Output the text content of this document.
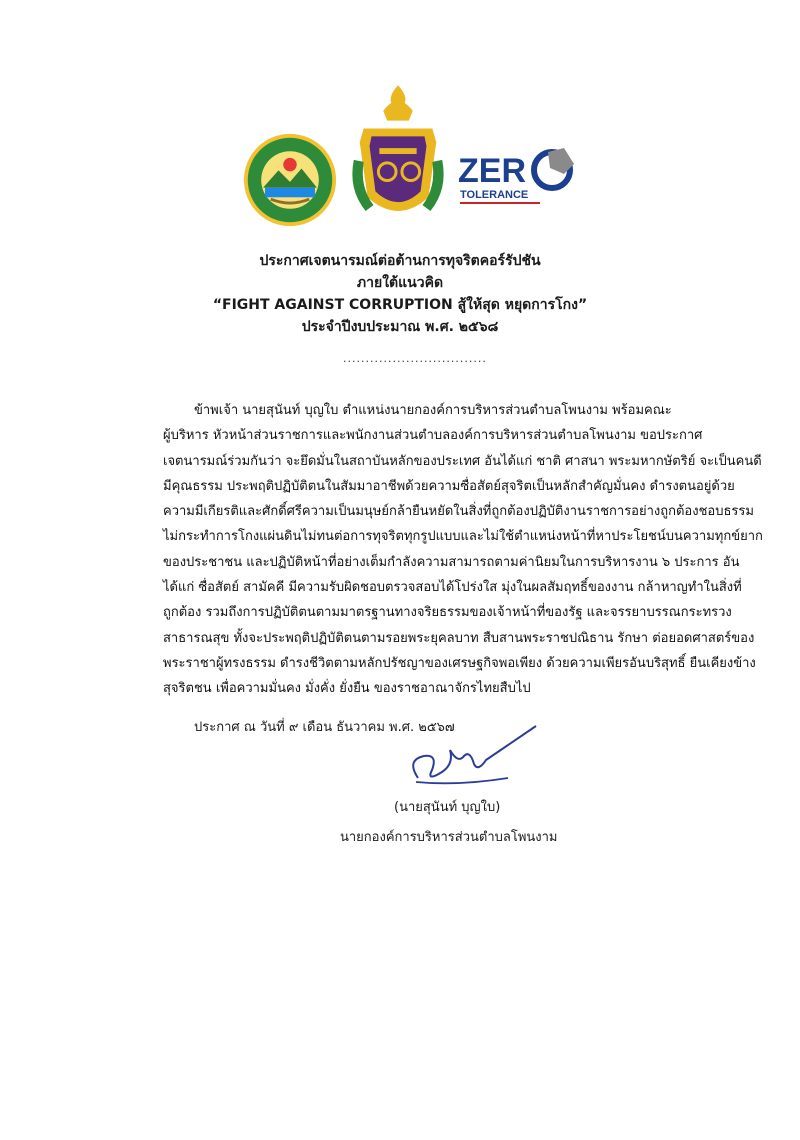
ZER
TOLERANCE
ประกาศเจตนารมณ์ต่อต้านการทุจริตคอร์รัปชัน
ภายใต้แนวคิด
“FIGHT AGAINST CORRUPTION สู้ให้สุด หยุดการโกง”
ประจำปีงบประมาณ พ.ศ. ๒๕๖๘
................................
ข้าพเจ้า นายสุนันท์ บุญใบ ตำแหน่งนายกองค์การบริหารส่วนตำบลโพนงาม พร้อมคณะ
ผู้บริหาร หัวหน้าส่วนราชการและพนักงานส่วนตำบลองค์การบริหารส่วนตำบลโพนงาม ขอประกาศ
เจตนารมณ์ร่วมกันว่า จะยึดมั่นในสถาบันหลักของประเทศ อันได้แก่ ชาติ ศาสนา พระมหากษัตริย์ จะเป็นคนดี
มีคุณธรรม ประพฤติปฏิบัติตนในสัมมาอาชีพด้วยความซื่อสัตย์สุจริตเป็นหลักสำคัญมั่นคง ดำรงตนอยู่ด้วย
ความมีเกียรติและศักดิ์ศรีความเป็นมนุษย์กล้ายืนหยัดในสิ่งที่ถูกต้องปฏิบัติงานราชการอย่างถูกต้องชอบธรรม
ไม่กระทำการโกงแผ่นดินไม่ทนต่อการทุจริตทุกรูปแบบและไม่ใช้ตำแหน่งหน้าที่หาประโยชน์บนความทุกข์ยาก
ของประชาชน และปฏิบัติหน้าที่อย่างเต็มกำลังความสามารถตามค่านิยมในการบริหารงาน ๖ ประการ อัน
ได้แก่ ซื่อสัตย์ สามัคคี มีความรับผิดชอบตรวจสอบได้โปร่งใส มุ่งในผลสัมฤทธิ์ของงาน กล้าหาญทำในสิ่งที่
ถูกต้อง รวมถึงการปฏิบัติตนตามมาตรฐานทางจริยธรรมของเจ้าหน้าที่ของรัฐ และจรรยาบรรณกระทรวง
สาธารณสุข ทั้งจะประพฤติปฏิบัติตนตามรอยพระยุคลบาท สืบสานพระราชปณิธาน รักษา ต่อยอดศาสตร์ของ
พระราชาผู้ทรงธรรม ดำรงชีวิตตามหลักปรัชญาของเศรษฐกิจพอเพียง ด้วยความเพียรอันบริสุทธิ์ ยืนเคียงข้าง
สุจริตชน เพื่อความมั่นคง มั่งคั่ง ยั่งยืน ของราชอาณาจักรไทยสืบไป
ประกาศ ณ วันที่ ๙ เดือน ธันวาคม พ.ศ. ๒๕๖๗
(นายสุนันท์ บุญใบ)
นายกองค์การบริหารส่วนตำบลโพนงาม
